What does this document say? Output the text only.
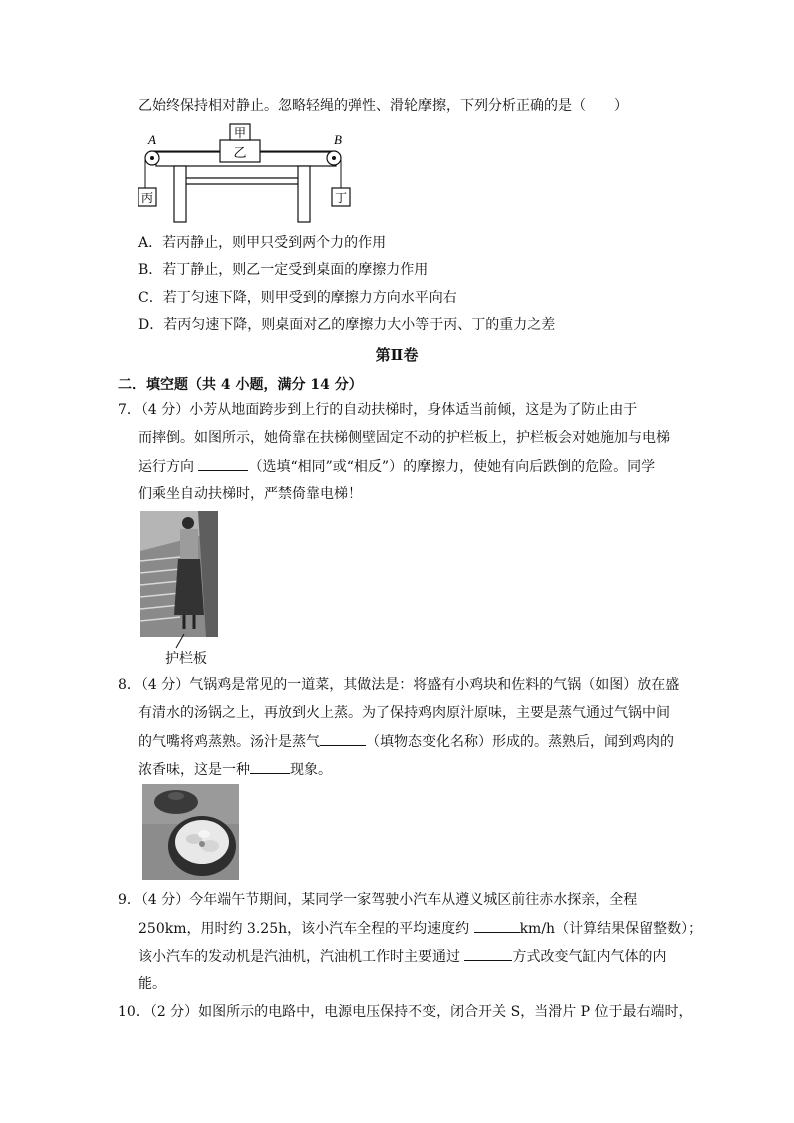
乙始终保持相对静止。忽略轻绳的弹性、滑轮摩擦，下列分析正确的是（　　）
A	B
甲
乙
丙	丁
A．若丙静止，则甲只受到两个力的作用
B．若丁静止，则乙一定受到桌面的摩擦力作用
C．若丁匀速下降，则甲受到的摩擦力方向水平向右
D．若丙匀速下降，则桌面对乙的摩擦力大小等于丙、丁的重力之差
第Ⅱ卷
二．填空题（共 4 小题，满分 14 分）
7．（4 分）小芳从地面跨步到上行的自动扶梯时，身体适当前倾，这是为了防止由于
而摔倒。如图所示，她倚靠在扶梯侧壁固定不动的护栏板上，护栏板会对她施加与电梯
运行方向	（选填“相同”或“相反”）的摩擦力，使她有向后跌倒的危险。同学
们乘坐自动扶梯时，严禁倚靠电梯！
护栏板
8．（4 分）气锅鸡是常见的一道菜，其做法是：将盛有小鸡块和佐料的气锅（如图）放在盛
有清水的汤锅之上，再放到火上蒸。为了保持鸡肉原汁原味，主要是蒸气通过气锅中间
的气嘴将鸡蒸熟。汤汁是蒸气	（填物态变化名称）形成的。蒸熟后，闻到鸡肉的
浓香味，这是一种	现象。
9．（4 分）今年端午节期间，某同学一家驾驶小汽车从遵义城区前往赤水探亲，全程
250km，用时约 3.25h，该小汽车全程的平均速度约	km/h（计算结果保留整数）；
该小汽车的发动机是汽油机，汽油机工作时主要通过	方式改变气缸内气体的内
能。
10．（2 分）如图所示的电路中，电源电压保持不变，闭合开关 S，当滑片 P 位于最右端时，
